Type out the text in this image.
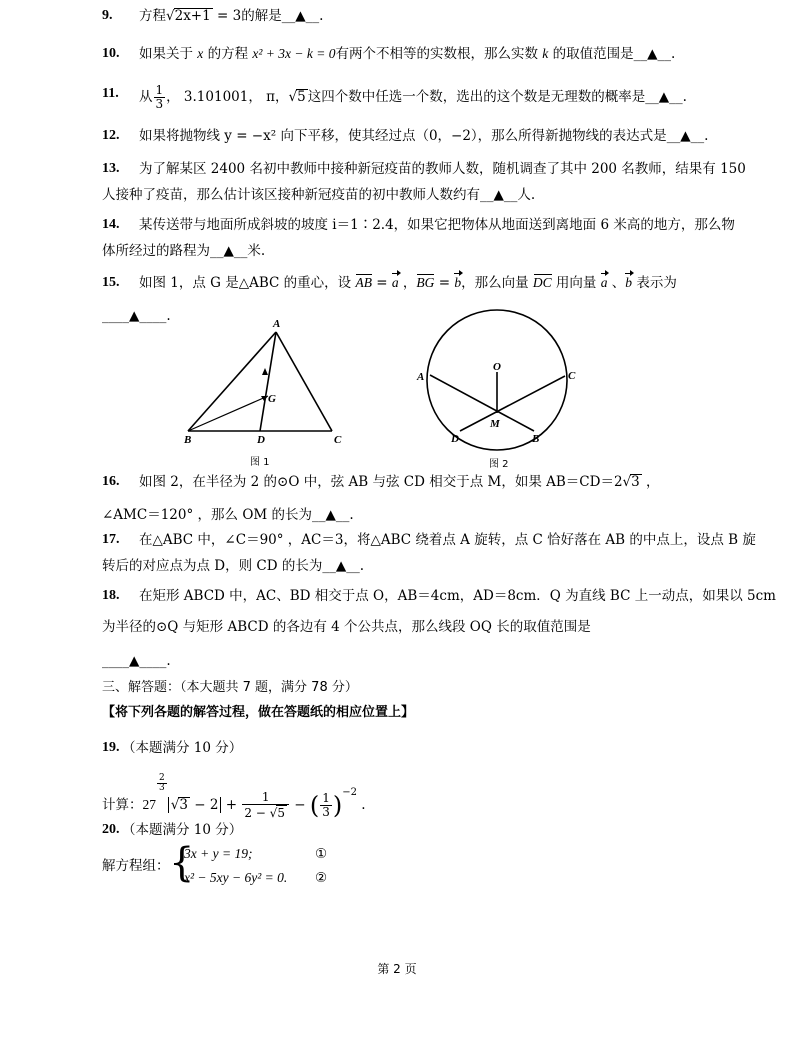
9. 方程√2x+1 = 3的解是__▲__.
10. 如果关于 x 的方程 x² + 3x − k = 0有两个不相等的实数根，那么实数 k 的取值范围是__▲__.
11. 从 $\frac{1}{3}$ ， 3.101001， π，√5 这四个数中任选一个数，选出的这个数是无理数的概率是__▲__.
12. 如果将抛物线 y = −x² 向下平移，使其经过点（0，−2），那么所得新抛物线的表达式是__▲__.
13. 为了解某区 2400 名初中教师中接种新冠疫苗的教师人数，随机调查了其中 200 名教师，结果有 150
人接种了疫苗，那么估计该区接种新冠疫苗的初中教师人数约有__▲__人.
14. 某传送带与地面所成斜坡的坡度 i＝1∶2.4，如果它把物体从地面送到离地面 6 米高的地方，那么物
体所经过的路程为__▲__米.
15. 如图 1，点 G 是△ABC 的重心，设 AB = a ，BG = b，那么向量 DC 用向量 a 、b 表示为
____▲____.	A
B	C
D
G
图 1
A	C
O
M
D	B
图 2
16. 如图 2，在半径为 2 的⊙O 中，弦 AB 与弦 CD 相交于点 M，如果 AB＝CD＝2√3 ，
∠AMC＝120° ，那么 OM 的长为__▲__.
17.	在△ABC 中，∠C＝90° ，AC＝3，将△ABC 绕着点 A 旋转，点 C 恰好落在 AB 的中点上，设点 B 旋
转后的对应点为点 D，则 CD 的长为__▲__.
18. 在矩形 ABCD 中，AC、BD 相交于点 O，AB＝4cm，AD＝8cm．Q 为直线 BC 上一动点，如果以 5cm
为半径的⊙Q 与矩形 ABCD 的各边有 4 个公共点，那么线段 OQ 长的取值范围是
____▲____.
三、解答题：（本大题共 7 题，满分 78 分）
【将下列各题的解答过程，做在答题纸的相应位置上】
19. （本题满分 10 分）
计算：27
$\frac{2}{3}$
$√3 - 2 + \frac{1}{2 - √5}$ − ( $\frac{1}{3} )^{-2}$ .
20. （本题满分 10 分）
解方程组： {
3x + y = 19;	①
x² − 5xy − 6y² = 0. ②
第 2 页
